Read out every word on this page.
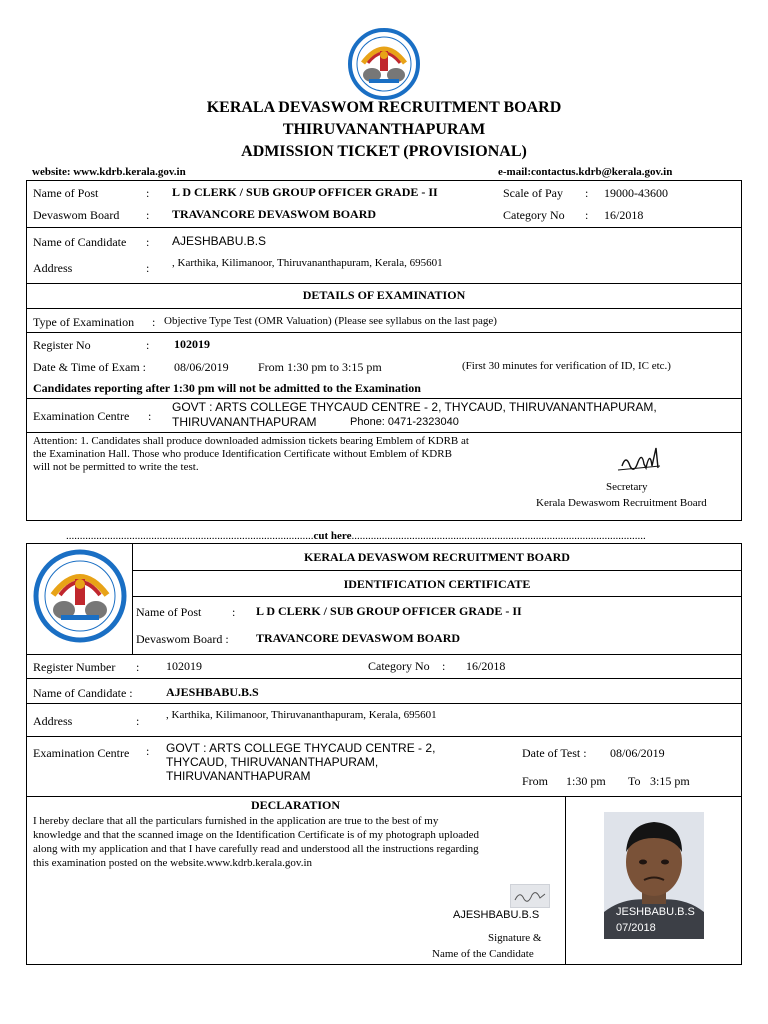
KERALA DEVASWOM RECRUITMENT BOARD
THIRUVANANTHAPURAM
ADMISSION TICKET (PROVISIONAL)
website: www.kdrb.kerala.gov.in	e-mail:contactus.kdrb@kerala.gov.in
Name of Post	: L D CLERK / SUB GROUP OFFICER GRADE - II	Scale of Pay : 19000-43600
Devaswom Board : TRAVANCORE DEVASWOM BOARD	Category No : 16/2018
Name of Candidate : AJESHBABU.B.S
Address	: , Karthika, Kilimanoor, Thiruvananthapuram, Kerala, 695601
DETAILS OF EXAMINATION
Type of Examination : Objective Type Test (OMR Valuation) (Please see syllabus on the last page)
Register No	: 102019
Date & Time of Exam : 08/06/2019 From 1:30 pm to 3:15 pm	(First 30 minutes for verification of ID, IC etc.)
Candidates reporting after 1:30 pm will not be admitted to the Examination
Examination Centre :
GOVT : ARTS COLLEGE THYCAUD CENTRE - 2, THYCAUD, THIRUVANANTHAPURAM,
THIRUVANANTHAPURAM	Phone: 0471-2323040
Attention: 1. Candidates shall produce downloaded admission tickets bearing Emblem of KDRB at
the Examination Hall. Those who produce Identification Certificate without Emblem of KDRB
will not be permitted to write the test.
Secretary
Kerala Dewaswom Recruitment Board
..........................................................................................cut here...........................................................................................................
KERALA DEVASWOM RECRUITMENT BOARD
IDENTIFICATION CERTIFICATE
Name of Post	: L D CLERK / SUB GROUP OFFICER GRADE - II
Devaswom Board : TRAVANCORE DEVASWOM BOARD
Register Number : 102019	Category No : 16/2018
Name of Candidate :	AJESHBABU.B.S
Address	: , Karthika, Kilimanoor, Thiruvananthapuram, Kerala, 695601
Examination Centre : GOVT : ARTS COLLEGE THYCAUD CENTRE - 2,
THYCAUD, THIRUVANANTHAPURAM,
THIRUVANANTHAPURAM
Date of Test : 08/06/2019
From 1:30 pm To 3:15 pm
DECLARATION
I hereby declare that all the particulars furnished in the application are true to the best of my
knowledge and that the scanned image on the Identification Certificate is of my photograph uploaded
along with my application and that I have carefully read and understood all the instructions regarding
this examination posted on the website.www.kdrb.kerala.gov.in
AJESHBABU.B.S
Signature &
Name of the Candidate
JESHBABU.B.S
07/2018
